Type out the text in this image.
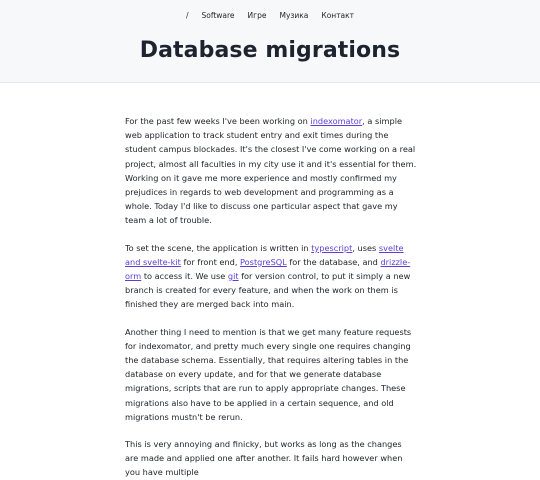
/ Software Игре Музика Контакт
Database migrations

For the past few weeks I've been working on indexomator, a simple web application to track student entry and exit times during the student campus blockades. It's the closest I've come working on a real project, almost all faculties in my city use it and it's essential for them. Working on it gave me more experience and mostly confirmed my prejudices in regards to web development and programming as a whole. Today I'd like to discuss one particular aspect that gave my team a lot of trouble.

To set the scene, the application is written in typescript, uses svelte and svelte-kit for front end, PostgreSQL for the database, and drizzle-orm to access it. We use git for version control, to put it simply a new branch is created for every feature, and when the work on them is finished they are merged back into main.

Another thing I need to mention is that we get many feature requests for indexomator, and pretty much every single one requires changing the database schema. Essentially, that requires altering tables in the database on every update, and for that we generate database migrations, scripts that are run to apply appropriate changes. These migrations also have to be applied in a certain sequence, and old migrations mustn't be rerun.

This is very annoying and finicky, but works as long as the changes are made and applied one after another. It fails hard however when you have multiple
